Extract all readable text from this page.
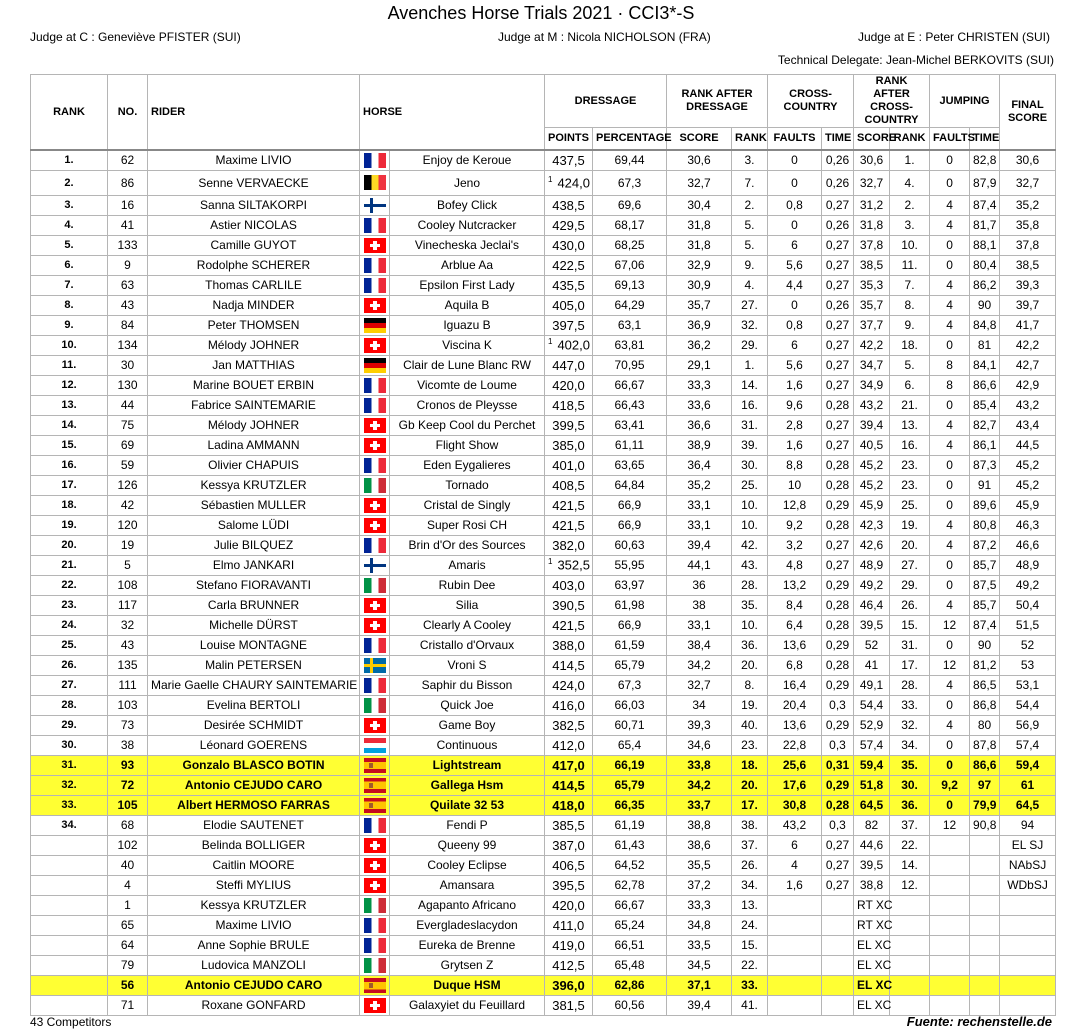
Avenches Horse Trials 2021 · CCI3*-S
Judge at C : Geneviève PFISTER (SUI)	Judge at M : Nicola NICHOLSON (FRA)	Judge at E : Peter CHRISTEN (SUI)
Technical Delegate: Jean-Michel BERKOVITS (SUI)
RANK	NO.	RIDER	HORSE		DRESSAGE		RANK AFTER DRESSAGE		CROSS-COUNTRY		RANK AFTER CROSS-COUNTRY		JUMPING		FINAL SCORE
					POINTS	PERCENTAGE	SCORE	RANK	FAULTS	TIME	SCORE	RANK	FAULTS	TIME	
1.	62	Maxime LIVIO		Enjoy de Keroue	437,5	69,44	30,6	3.	0	0,26	30,6	1.	0	82,8	30,6
2.	86	Senne VERVAECKE		Jeno	$^1$ 424,0	67,3	32,7	7.	0	0,26	32,7	4.	0	87,9	32,7
3.	16	Sanna SILTAKORPI		Bofey Click	438,5	69,6	30,4	2.	0,8	0,27	31,2	2.	4	87,4	35,2
4.	41	Astier NICOLAS		Cooley Nutcracker	429,5	68,17	31,8	5.	0	0,26	31,8	3.	4	81,7	35,8
5.	133	Camille GUYOT		Vinecheska Jeclai's	430,0	68,25	31,8	5.	6	0,27	37,8	10.	0	88,1	37,8
6.	9	Rodolphe SCHERER		Arblue Aa	422,5	67,06	32,9	9.	5,6	0,27	38,5	11.	0	80,4	38,5
7.	63	Thomas CARLILE		Epsilon First Lady	435,5	69,13	30,9	4.	4,4	0,27	35,3	7.	4	86,2	39,3
8.	43	Nadja MINDER		Aquila B	405,0	64,29	35,7	27.	0	0,26	35,7	8.	4	90	39,7
9.	84	Peter THOMSEN		Iguazu B	397,5	63,1	36,9	32.	0,8	0,27	37,7	9.	4	84,8	41,7
10.	134	Mélody JOHNER		Viscina K	$^1$ 402,0	63,81	36,2	29.	6	0,27	42,2	18.	0	81	42,2
11.	30	Jan MATTHIAS		Clair de Lune Blanc RW	447,0	70,95	29,1	1.	5,6	0,27	34,7	5.	8	84,1	42,7
12.	130	Marine BOUET ERBIN		Vicomte de Loume	420,0	66,67	33,3	14.	1,6	0,27	34,9	6.	8	86,6	42,9
13.	44	Fabrice SAINTEMARIE		Cronos de Pleysse	418,5	66,43	33,6	16.	9,6	0,28	43,2	21.	0	85,4	43,2
14.	75	Mélody JOHNER		Gb Keep Cool du Perchet	399,5	63,41	36,6	31.	2,8	0,27	39,4	13.	4	82,7	43,4
15.	69	Ladina AMMANN		Flight Show	385,0	61,11	38,9	39.	1,6	0,27	40,5	16.	4	86,1	44,5
16.	59	Olivier CHAPUIS		Eden Eygalieres	401,0	63,65	36,4	30.	8,8	0,28	45,2	23.	0	87,3	45,2
17.	126	Kessya KRUTZLER		Tornado	408,5	64,84	35,2	25.	10	0,28	45,2	23.	0	91	45,2
18.	42	Sébastien MULLER		Cristal de Singly	421,5	66,9	33,1	10.	12,8	0,29	45,9	25.	0	89,6	45,9
19.	120	Salome LÜDI		Super Rosi CH	421,5	66,9	33,1	10.	9,2	0,28	42,3	19.	4	80,8	46,3
20.	19	Julie BILQUEZ		Brin d'Or des Sources	382,0	60,63	39,4	42.	3,2	0,27	42,6	20.	4	87,2	46,6
21.	5	Elmo JANKARI		Amaris	$^1$ 352,5	55,95	44,1	43.	4,8	0,27	48,9	27.	0	85,7	48,9
22.	108	Stefano FIORAVANTI		Rubin Dee	403,0	63,97	36	28.	13,2	0,29	49,2	29.	0	87,5	49,2
23.	117	Carla BRUNNER		Silia	390,5	61,98	38	35.	8,4	0,28	46,4	26.	4	85,7	50,4
24.	32	Michelle DÜRST		Clearly A Cooley	421,5	66,9	33,1	10.	6,4	0,28	39,5	15.	12	87,4	51,5
25.	43	Louise MONTAGNE		Cristallo d'Orvaux	388,0	61,59	38,4	36.	13,6	0,29	52	31.	0	90	52
26.	135	Malin PETERSEN		Vroni S	414,5	65,79	34,2	20.	6,8	0,28	41	17.	12	81,2	53
27.	111	Marie Gaelle CHAURY SAINTEMARIE		Saphir du Bisson	424,0	67,3	32,7	8.	16,4	0,29	49,1	28.	4	86,5	53,1
28.	103	Evelina BERTOLI		Quick Joe	416,0	66,03	34	19.	20,4	0,3	54,4	33.	0	86,8	54,4
29.	73	Desirée SCHMIDT		Game Boy	382,5	60,71	39,3	40.	13,6	0,29	52,9	32.	4	80	56,9
30.	38	Léonard GOERENS		Continuous	412,0	65,4	34,6	23.	22,8	0,3	57,4	34.	0	87,8	57,4
31.	93	Gonzalo BLASCO BOTIN		Lightstream	417,0	66,19	33,8	18.	25,6	0,31	59,4	35.	0	86,6	59,4
32.	72	Antonio CEJUDO CARO		Gallega Hsm	414,5	65,79	34,2	20.	17,6	0,29	51,8	30.	9,2	97	61
33.	105	Albert HERMOSO FARRAS		Quilate 32 53	418,0	66,35	33,7	17.	30,8	0,28	64,5	36.	0	79,9	64,5
34.	68	Elodie SAUTENET		Fendi P	385,5	61,19	38,8	38.	43,2	0,3	82	37.	12	90,8	94
	102	Belinda BOLLIGER		Queeny 99	387,0	61,43	38,6	37.	6	0,27	44,6	22.			EL SJ
	40	Caitlin MOORE		Cooley Eclipse	406,5	64,52	35,5	26.	4	0,27	39,5	14.			NAbSJ
	4	Steffi MYLIUS		Amansara	395,5	62,78	37,2	34.	1,6	0,27	38,8	12.			WDbSJ
	1	Kessya KRUTZLER		Agapanto Africano	420,0	66,67	33,3	13.			RT XC				
	65	Maxime LIVIO		Evergladeslacydon	411,0	65,24	34,8	24.			RT XC				
	64	Anne Sophie BRULE		Eureka de Brenne	419,0	66,51	33,5	15.			EL XC				
	79	Ludovica MANZOLI		Grytsen Z	412,5	65,48	34,5	22.			EL XC				
	56	Antonio CEJUDO CARO		Duque HSM	396,0	62,86	37,1	33.			EL XC				
	71	Roxane GONFARD		Galaxyiet du Feuillard	381,5	60,56	39,4	41.			EL XC				
43 Competitors	Fuente: rechenstelle.de
